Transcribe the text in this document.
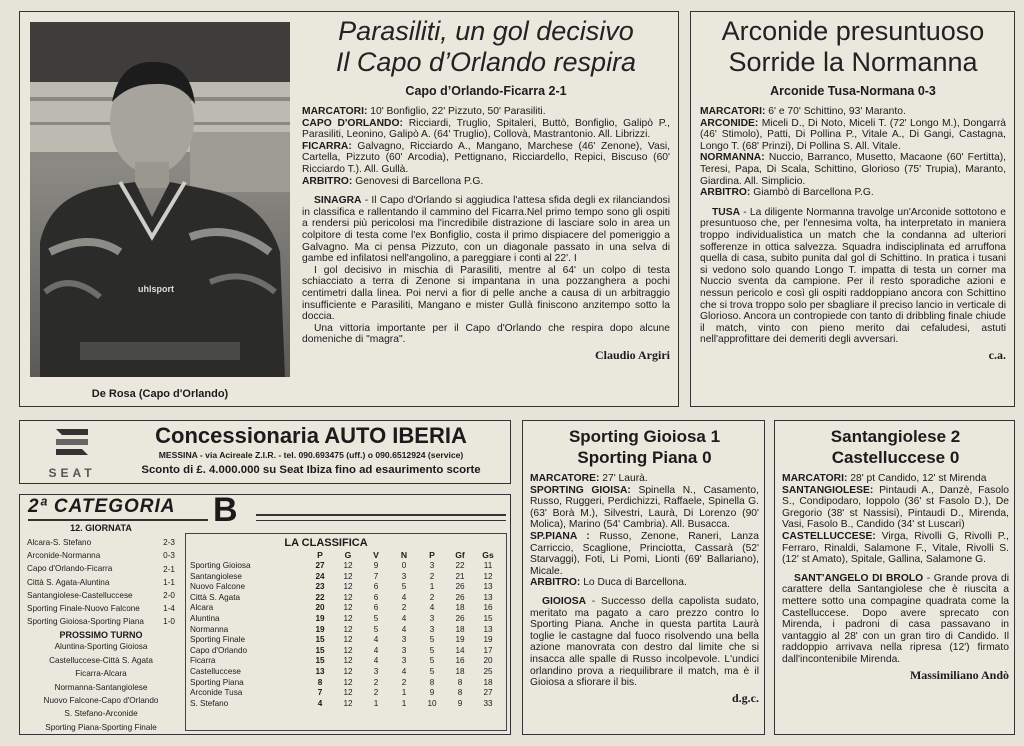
uhlsport
De Rosa (Capo d'Orlando)

Parasiliti, un gol decisivo

Il Capo d’Orlando respira

Capo d’Orlando-Ficarra 2-1

MARCATORI: 10' Bonfiglio, 22' Pizzuto, 50' Parasiliti.

CAPO D'ORLANDO: Ricciardi, Truglio, Spitaleri, Buttò, Bonfiglio, Galipò P., Parasiliti, Leonino, Galipò A. (64' Truglio), Collovà, Mastrantonio. All. Librizzi.

FICARRA: Galvagno, Ricciardo A., Mangano, Marchese (46' Zenone), Vasi, Cartella, Pizzuto (60' Arcodia), Pettignano, Ricciardello, Repici, Biscuso (60' Ricciardo T.). All. Gullà.

ARBITRO: Genovesi di Barcellona P.G.

SINAGRA - Il Capo d'Orlando si aggiudica l'attesa sfida degli ex rilanciandosi in classifica e rallentando il cammino del Ficarra.Nel primo tempo sono gli ospiti a rendersi più pericolosi ma l'incredibile distrazione di lasciare solo in area un colpitore di testa come l'ex Bonfiglio, costa il primo dispiacere del pomeriggio a Galvagno. Ma ci pensa Pizzuto, con un diagonale passato in una selva di gambe ed infilatosi nell'angolino, a pareggiare i conti al 22'. I

I gol decisivo in mischia di Parasiliti, mentre al 64' un colpo di testa schiacciato a terra di Zenone si impantana in una pozzanghera a pochi centimetri dalla linea. Poi nervi a fior di pelle anche a causa di un arbitraggio insufficiente e Parasiliti, Mangano e mister Gullà finiscono anzitempo sotto la doccia.

Una vittoria importante per il Capo d'Orlando che respira dopo alcune domeniche di "magra".

Claudio Argiri

Arconide presuntuoso

Sorride la Normanna

Arconide Tusa-Normana 0-3

MARCATORI: 6' e 70' Schittino, 93' Maranto.

ARCONIDE: Miceli D., Di Noto, Miceli T. (72' Longo M.), Dongarrà (46' Stimolo), Patti, Di Pollina P., Vitale A., Di Gangi, Castagna, Longo T. (68' Prinzi), Di Pollina S. All. Vitale.

NORMANNA: Nuccio, Barranco, Musetto, Macaone (60' Fertitta), Teresi, Papa, Di Scala, Schittino, Glorioso (75' Trupia), Maranto, Giardina. All. Simplicio.

ARBITRO: Giambò di Barcellona P.G.

TUSA - La diligente Normanna travolge un'Arconide sottotono e presuntuoso che, per l'ennesima volta, ha interpretato in maniera troppo individualistica un match che la condanna ad ulteriori sofferenze in ottica salvezza. Squadra indisciplinata ed arruffona quella di casa, subito punita dal gol di Schittino. In pratica i tusani si vedono solo quando Longo T. impatta di testa un corner ma Nuccio sventa da campione. Per il resto sporadiche azioni e nessun pericolo e così gli ospiti raddoppiano ancora con Schittino che si trova troppo solo per sbagliare il preciso lancio in verticale di Glorioso. Ancora un contropiede con tanto di dribbling finale chiude il match, vinto con pieno merito dai cefaludesi, astuti nell'approfittare dei demeriti degli avversari.

c.a.
SEAT
Concessionaria AUTO IBERIA
MESSINA - via Acireale Z.I.R. - tel. 090.693475 (uff.) o 090.6512924 (service)
Sconto di £. 4.000.000 su Seat Ibiza fino ad esaurimento scorte
2ª CATEGORIA B
12. GIORNATA
Alcara-S. Stefano	2-3
Arconide-Normanna	0-3
Capo d'Orlando-Ficarra	2-1
Città S. Agata-Aluntina	1-1
Santangiolese-Castelluccese	2-0
Sporting Finale-Nuovo Falcone	1-4
Sporting Gioiosa-Sporting Piana	1-0
PROSSIMO TURNO
Aluntina-Sporting Gioiosa
Castelluccese-Città S. Agata
Ficarra-Alcara
Normanna-Santangiolese
Nuovo Falcone-Capo d'Orlando
S. Stefano-Arconide
Sporting Piana-Sporting Finale
LA CLASSIFICA
	P	G	V	N	P	Gf	Gs
Sporting Gioiosa	27	12	9	0	3	22	11
Santangiolese	24	12	7	3	2	21	12
Nuovo Falcone	23	12	6	5	1	26	13
Città S. Agata	22	12	6	4	2	26	13
Alcara	20	12	6	2	4	18	16
Aluntina	19	12	5	4	3	26	15
Normanna	19	12	5	4	3	18	13
Sporting Finale	15	12	4	3	5	19	19
Capo d'Orlando	15	12	4	3	5	14	17
Ficarra	15	12	4	3	5	16	20
Castelluccese	13	12	3	4	5	18	25
Sporting Piana	8	12	2	2	8	8	18
Arconide Tusa	7	12	2	1	9	8	27
S. Stefano	4	12	1	1	10	9	33

Sporting Gioiosa 1

Sporting Piana 0

MARCATORE: 27' Laurà.

SPORTING GIOISA: Spinella N., Casamento, Russo, Ruggeri, Perdichizzi, Raffaele, Spinella G. (63' Borà M.), Silvestri, Laurà, Di Lorenzo (90' Molica), Marino (54' Cambria). All. Busacca.

SP.PIANA : Russo, Zenone, Raneri, Lanza Carriccio, Scaglione, Princiotta, Cassarà (52' Starvaggi), Foti, Li Pomi, Lionti (69' Ballariano), Micale.

ARBITRO: Lo Duca di Barcellona.

GIOIOSA - Successo della capolista sudato, meritato ma pagato a caro prezzo contro lo Sporting Piana. Anche in questa partita Laurà toglie le castagne dal fuoco risolvendo una bella azione manovrata con destro dal limite che si insacca alle spalle di Russo incolpevole. L'undici orlandino prova a riequilibrare il match, ma è il Gioiosa a sfiorare il bis.

d.g.c.

Santangiolese 2

Castelluccese 0

MARCATORI: 28' pt Candido, 12' st Mirenda

SANTANGIOLESE: Pintaudi A., Danzè, Fasolo S., Condipodaro, Ioppolo (36' st Fasolo D.), De Gregorio (38' st Nassisi), Pintaudi D., Mirenda, Vasi, Fasolo B., Candido (34' st Luscari)

CASTELLUCCESE: Virga, Rivolli G, Rivolli P., Ferraro, Rinaldi, Salamone F., Vitale, Rivolli S. (12' st Amato), Spitale, Gallina, Salamone G.

SANT'ANGELO DI BROLO - Grande prova di carattere della Santangiolese che è riuscita a mettere sotto una compagine quadrata come la Castelluccese. Dopo avere sprecato con Mirenda, i padroni di casa passavano in vantaggio al 28' con un gran tiro di Candido. Il raddoppio arrivava nella ripresa (12') firmato dall'incontenibile Mirenda.

Massimiliano Andò
